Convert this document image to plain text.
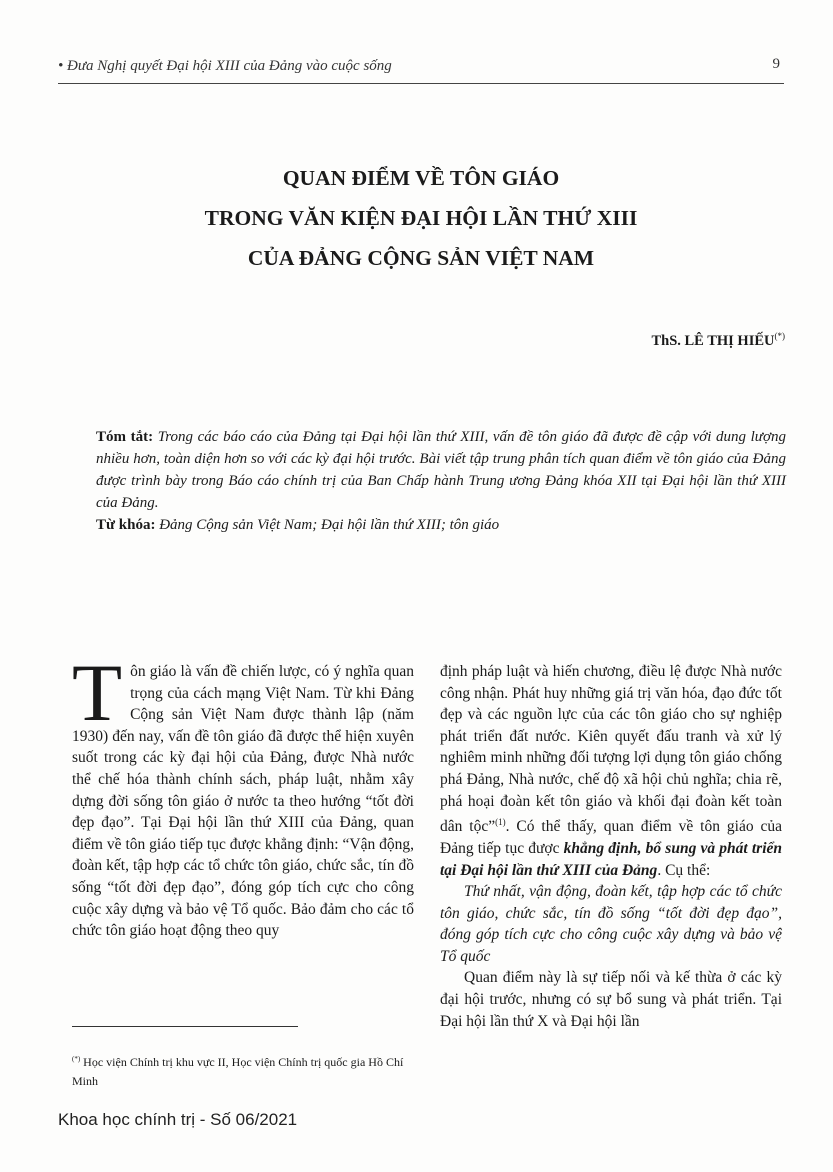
• Đưa Nghị quyết Đại hội XIII của Đảng vào cuộc sống	9
QUAN ĐIỂM VỀ TÔN GIÁO
TRONG VĂN KIỆN ĐẠI HỘI LẦN THỨ XIII
CỦA ĐẢNG CỘNG SẢN VIỆT NAM
ThS. LÊ THỊ HIẾU(*)

Tóm tắt: Trong các báo cáo của Đảng tại Đại hội lần thứ XIII, vấn đề tôn giáo đã được đề cập với dung lượng nhiều hơn, toàn diện hơn so với các kỳ đại hội trước. Bài viết tập trung phân tích quan điểm về tôn giáo của Đảng được trình bày trong Báo cáo chính trị của Ban Chấp hành Trung ương Đảng khóa XII tại Đại hội lần thứ XIII của Đảng.

Từ khóa: Đảng Cộng sản Việt Nam; Đại hội lần thứ XIII; tôn giáo

Tôn giáo là vấn đề chiến lược, có ý nghĩa quan trọng của cách mạng Việt Nam. Từ khi Đảng Cộng sản Việt Nam được thành lập (năm 1930) đến nay, vấn đề tôn giáo đã được thể hiện xuyên suốt trong các kỳ đại hội của Đảng, được Nhà nước thể chế hóa thành chính sách, pháp luật, nhằm xây dựng đời sống tôn giáo ở nước ta theo hướng “tốt đời đẹp đạo”. Tại Đại hội lần thứ XIII của Đảng, quan điểm về tôn giáo tiếp tục được khẳng định: “Vận động, đoàn kết, tập hợp các tổ chức tôn giáo, chức sắc, tín đồ sống “tốt đời đẹp đạo”, đóng góp tích cực cho công cuộc xây dựng và bảo vệ Tổ quốc. Bảo đảm cho các tổ chức tôn giáo hoạt động theo quy

định pháp luật và hiến chương, điều lệ được Nhà nước công nhận. Phát huy những giá trị văn hóa, đạo đức tốt đẹp và các nguồn lực của các tôn giáo cho sự nghiệp phát triển đất nước. Kiên quyết đấu tranh và xử lý nghiêm minh những đối tượng lợi dụng tôn giáo chống phá Đảng, Nhà nước, chế độ xã hội chủ nghĩa; chia rẽ, phá hoại đoàn kết tôn giáo và khối đại đoàn kết toàn dân tộc”$^{(1)}$. Có thể thấy, quan điểm về tôn giáo của Đảng tiếp tục được khẳng định, bổ sung và phát triển tại Đại hội lần thứ XIII của Đảng. Cụ thể:

Thứ nhất, vận động, đoàn kết, tập hợp các tổ chức tôn giáo, chức sắc, tín đồ sống “tốt đời đẹp đạo”, đóng góp tích cực cho công cuộc xây dựng và bảo vệ Tổ quốc

Quan điểm này là sự tiếp nối và kế thừa ở các kỳ đại hội trước, nhưng có sự bổ sung và phát triển. Tại Đại hội lần thứ X và Đại hội lần

(*) Học viện Chính trị khu vực II, Học viện Chính trị quốc gia Hồ Chí Minh
Khoa học chính trị - Số 06/2021
